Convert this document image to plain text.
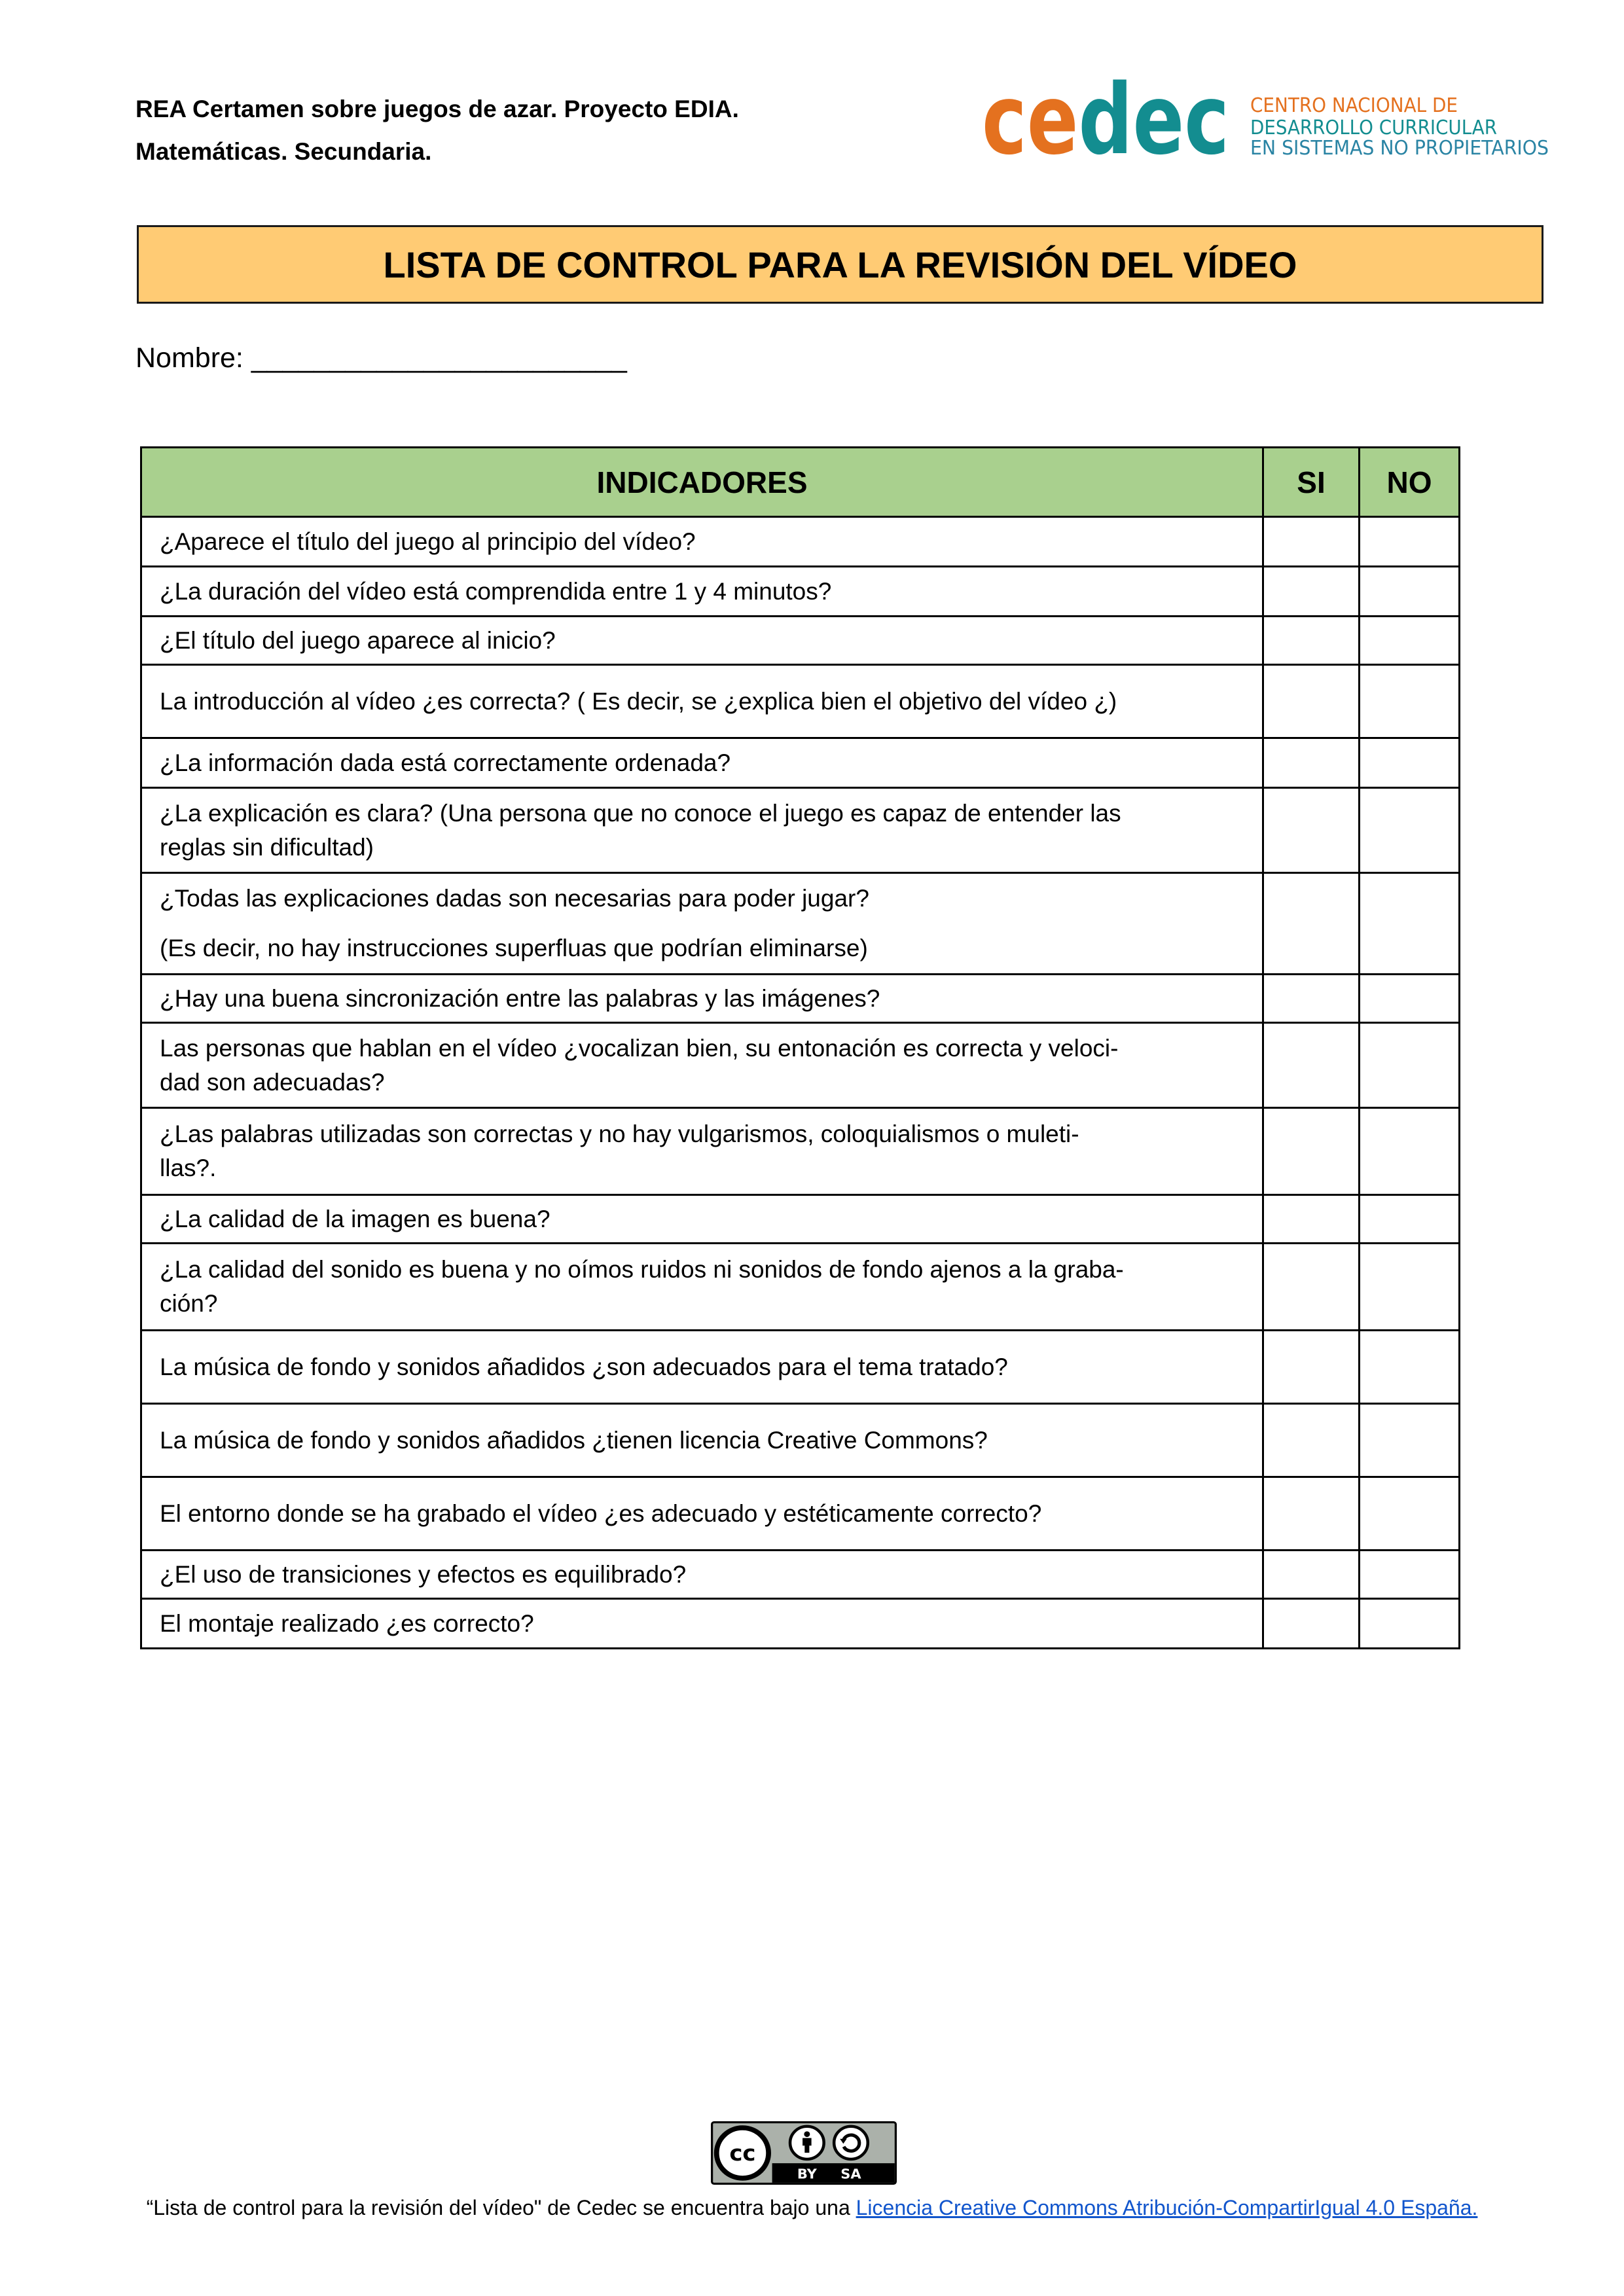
REA Certamen sobre juegos de azar. Proyecto EDIA.
Matemáticas. Secundaria.	cedec
CENTRO NACIONAL DE
DESARROLLO CURRICULAR
EN SISTEMAS NO PROPIETARIOS
LISTA DE CONTROL PARA LA REVISIÓN DEL VÍDEO
Nombre: ________________________
INDICADORES	SI	NO

¿Aparece el título del juego al principio del vídeo?		

¿La duración del vídeo está comprendida entre 1 y 4 minutos?		

¿El título del juego aparece al inicio?		

La introducción al vídeo ¿es correcta? ( Es decir, se ¿explica bien el objetivo del vídeo ¿)		

¿La información dada está correctamente ordenada?		

¿La explicación es clara? (Una persona que no conoce el juego es capaz de entender las
reglas sin dificultad)		

¿Todas las explicaciones dadas son necesarias para poder jugar?
(Es decir, no hay instrucciones superfluas que podrían eliminarse)		

¿Hay una buena sincronización entre las palabras y las imágenes?		

Las personas que hablan en el vídeo ¿vocalizan bien, su entonación es correcta y veloci-
dad son adecuadas?		

¿Las palabras utilizadas son correctas y no hay vulgarismos, coloquialismos o muleti-
llas?.		

¿La calidad de la imagen es buena?		

¿La calidad del sonido es buena y no oímos ruidos ni sonidos de fondo ajenos a la graba-
ción?		

La música de fondo y sonidos añadidos ¿son adecuados para el tema tratado?		

La música de fondo y sonidos añadidos ¿tienen licencia Creative Commons?		

El entorno donde se ha grabado el vídeo ¿es adecuado y estéticamente correcto?		

¿El uso de transiciones y efectos es equilibrado?		

El montaje realizado ¿es correcto?		

cc
BY	SA
“Lista de control para la revisión del vídeo" de Cedec se encuentra bajo una Licencia Creative Commons Atribución-CompartirIgual 4.0 España.
